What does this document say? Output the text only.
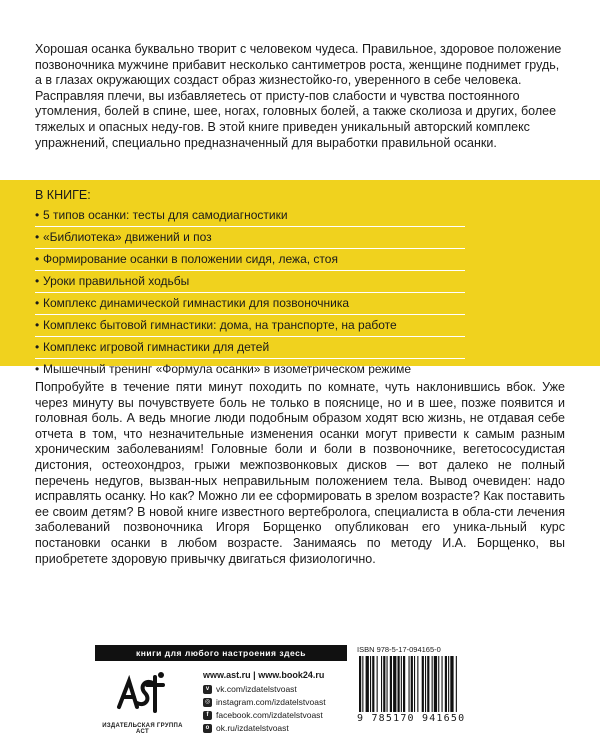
Хорошая осанка буквально творит с человеком чудеса. Правильное, здоровое положение позвоночника мужчине прибавит несколько сантиметров роста, женщине поднимет грудь, а в глазах окружающих создаст образ жизнестойко-го, уверенного в себе человека. Расправляя плечи, вы избавляетесь от присту-пов слабости и чувства постоянного утомления, болей в спине, шее, ногах, головных болей, а также сколиоза и других, более тяжелых и опасных неду-гов. В этой книге приведен уникальный авторский комплекс упражнений, специально предназначенный для выработки правильной осанки.

В КНИГЕ:
• 5 типов осанки: тесты для самодиагностики
• «Библиотека» движений и поз
• Формирование осанки в положении сидя, лежа, стоя
• Уроки правильной ходьбы
• Комплекс динамической гимнастики для позвоночника
• Комплекс бытовой гимнастики: дома, на транспорте, на работе
• Комплекс игровой гимнастики для детей
• Мышечный тренинг «Формула осанки» в изометрическом режиме

Попробуйте в течение пяти минут походить по комнате, чуть наклонившись вбок. Уже через минуту вы почувствуете боль не только в пояснице, но и в шее, позже появится и головная боль. А ведь многие люди подобным образом ходят всю жизнь, не отдавая себе отчета в том, что незначительные изменения осанки могут привести к самым разным хроническим заболеваниям! Головные боли и боли в позвоночнике, вегетососудистая дистония, остеохондроз, грыжи межпозвонковых дисков — вот далеко не полный перечень недугов, вызван-ных неправильным положением тела. Вывод очевиден: надо исправлять осанку. Но как? Можно ли ее сформировать в зрелом возрасте? Как поставить ее своим детям? В новой книге известного вертебролога, специалиста в обла-сти лечения заболеваний позвоночника Игоря Борщенко опубликован его уника-льный курс постановки осанки в любом возрасте. Занимаясь по методу И.А. Борщенко, вы приобретете здоровую привычку двигаться физиологично.

книги для любого настроения здесь
ИЗДАТЕЛЬСКАЯ ГРУППА АСТ
www.ast.ru | www.book24.ru
v vk.com/izdatelstvoast
◎ instagram.com/izdatelstvoast
f facebook.com/izdatelstvoast
o ok.ru/izdatelstvoast
ISBN 978-5-17-094165-0
9 785170 941650
